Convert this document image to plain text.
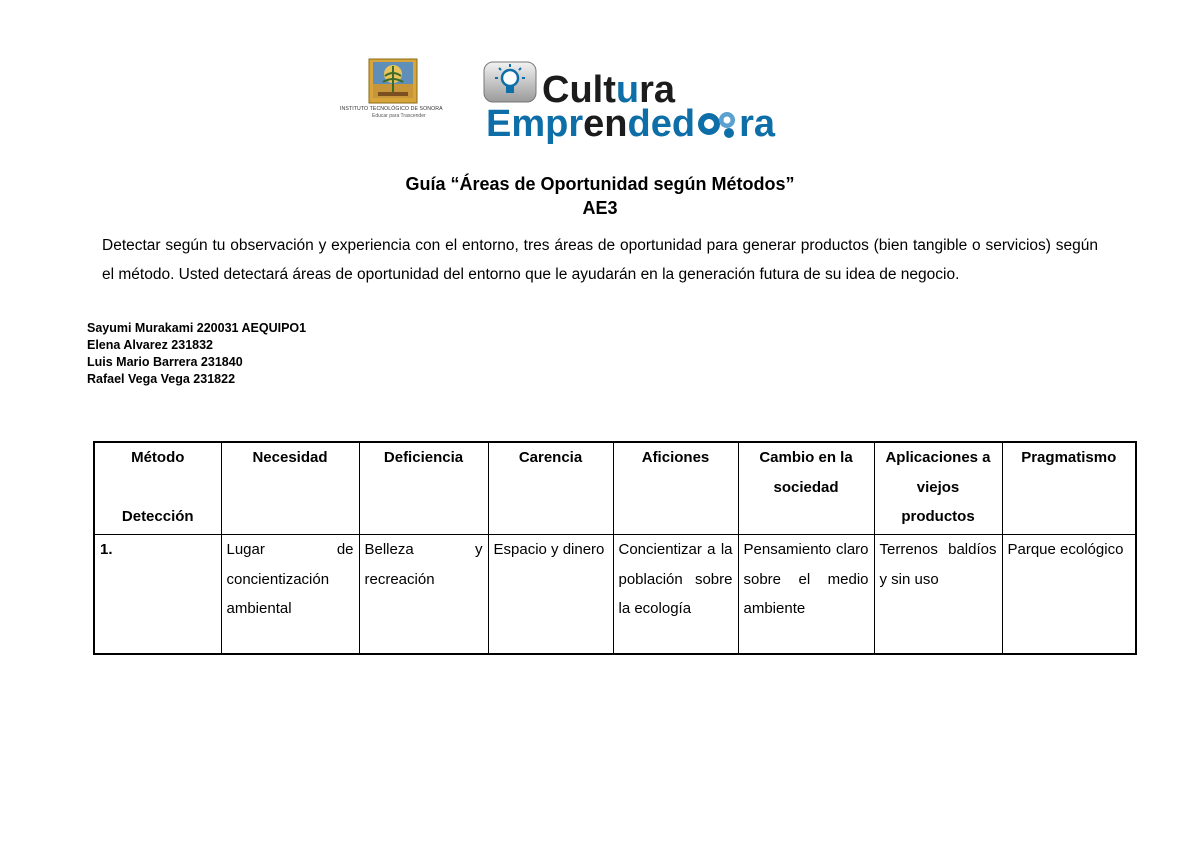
INSTITUTO TECNOLÓGICO DE SONORA
Educar para Trascender
Cultura
Emprended ra
Guía “Áreas de Oportunidad según Métodos”
AE3
Detectar según tu observación y experiencia con el entorno, tres áreas de oportunidad para generar productos (bien tangible o servicios) según el método. Usted detectará áreas de oportunidad del entorno que le ayudarán en la generación futura de su idea de negocio.
Sayumi Murakami 220031 AEQUIPO1
Elena Alvarez 231832
Luis Mario Barrera 231840
Rafael Vega Vega 231822
Método
Detección	Necesidad	Deficiencia	Carencia	Aficiones	Cambio en la sociedad	Aplicaciones a viejos productos	Pragmatismo
1.	Lugar de concientización ambiental	Belleza y recreación	Espacio y dinero	Concientizar a la población sobre la ecología	Pensamiento claro sobre el medio ambiente	Terrenos baldíos y sin uso	Parque ecológico
